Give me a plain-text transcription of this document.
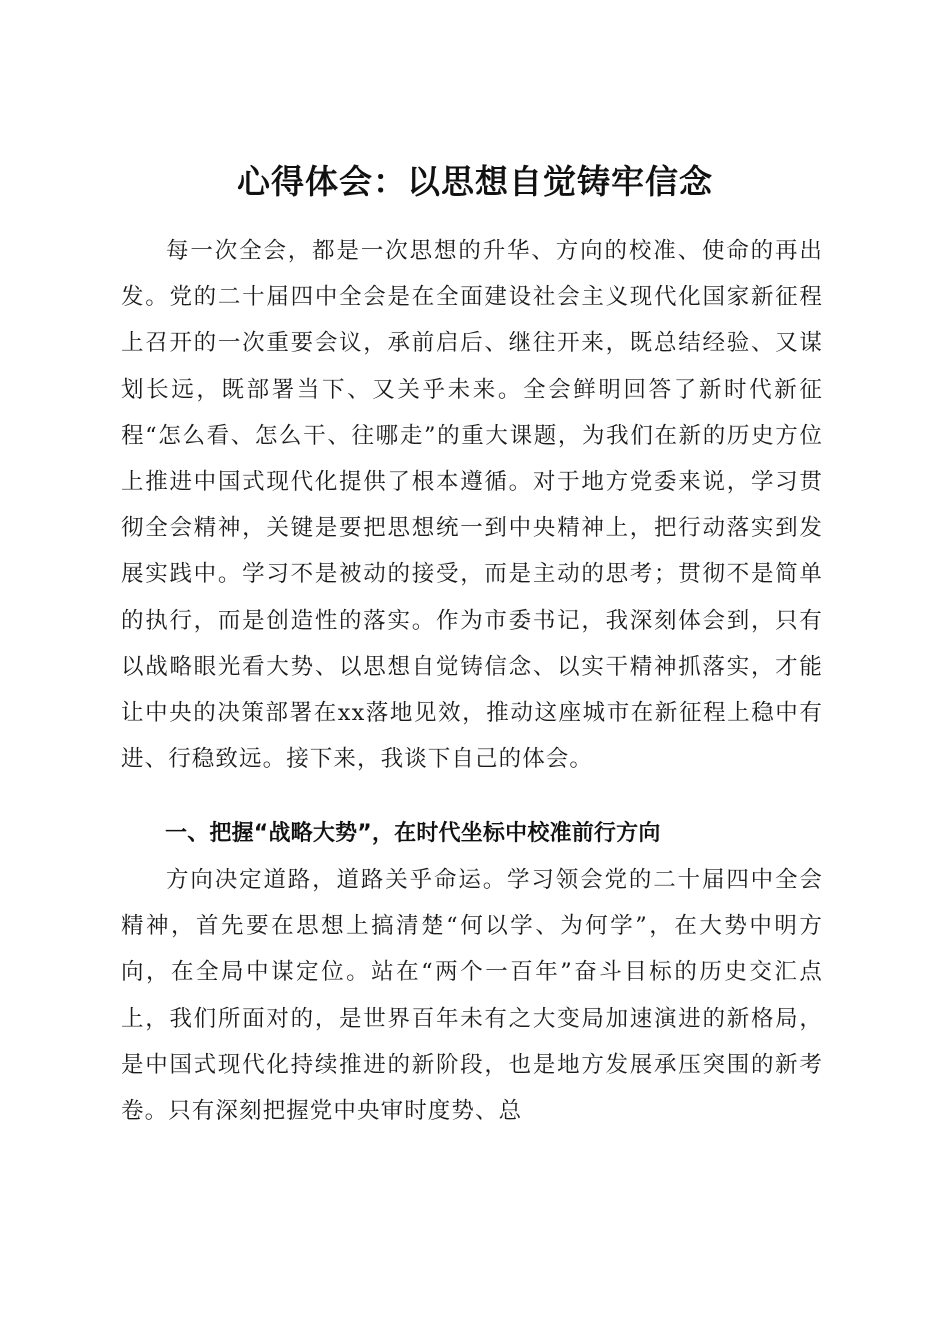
心得体会：以思想自觉铸牢信念

每一次全会，都是一次思想的升华、方向的校准、使命的再出发。党的二十届四中全会是在全面建设社会主义现代化国家新征程上召开的一次重要会议，承前启后、继往开来，既总结经验、又谋划长远，既部署当下、又关乎未来。全会鲜明回答了新时代新征程“怎么看、怎么干、往哪走”的重大课题，为我们在新的历史方位上推进中国式现代化提供了根本遵循。对于地方党委来说，学习贯彻全会精神，关键是要把思想统一到中央精神上，把行动落实到发展实践中。学习不是被动的接受，而是主动的思考；贯彻不是简单的执行，而是创造性的落实。作为市委书记，我深刻体会到，只有以战略眼光看大势、以思想自觉铸信念、以实干精神抓落实，才能让中央的决策部署在xx落地见效，推动这座城市在新征程上稳中有进、行稳致远。接下来，我谈下自己的体会。

一、把握“战略大势”，在时代坐标中校准前行方向

方向决定道路，道路关乎命运。学习领会党的二十届四中全会精神，首先要在思想上搞清楚“何以学、为何学”，在大势中明方向，在全局中谋定位。站在“两个一百年”奋斗目标的历史交汇点上，我们所面对的，是世界百年未有之大变局加速演进的新格局，是中国式现代化持续推进的新阶段，也是地方发展承压突围的新考卷。只有深刻把握党中央审时度势、总
